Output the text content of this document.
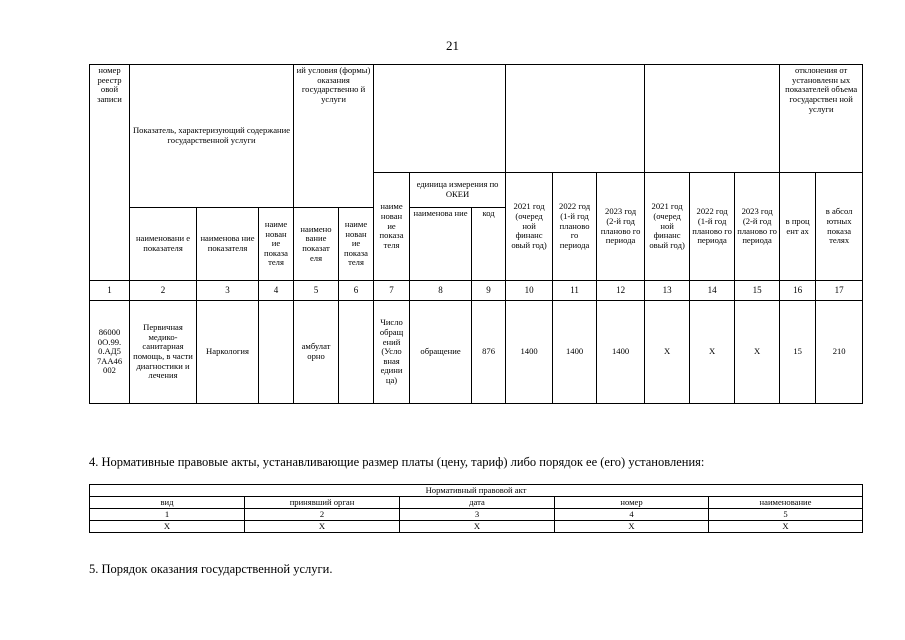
21
номер реестр овой записи	Показатель, характеризующий содержание государственной услуги			ий условия (формы) оказания государственно й услуги											отклонения от установленн ых показателей объема государствен ной услуги	
						наиме нован ие показа теля	единица измерения по ОКЕИ		2021 год (очеред ной финанс овый год)	2022 год (1-й год планово го периода	2023 год (2-й год планово го периода	2021 год (очеред ной финанс овый год)	2022 год (1-й год планово го периода	2023 год (2-й год планово го периода	в проц ент ах	в абсол ютных показа телях
	наименовани е показателя	наименова ние показателя	наиме нован ие показа теля	наимено вание показат еля	наиме нован ие показа теля		наименова ние	код								
1	2	3	4	5	6	7	8	9	10	11	12	13	14	15	16	17
86000 0О.99. 0.АД5 7АА46 002	Первичная медико-санитарная помощь, в части диагностики и лечения	Наркология		амбулат орно		Число обращ ений (Усло вная едини ца)	обращение	876	1400	1400	1400	X	X	X	15	210
4. Нормативные правовые акты, устанавливающие размер платы (цену, тариф) либо порядок ее (его) установления:
Нормативный правовой акт				
вид	принявший орган	дата	номер	наименование
1	2	3	4	5
X	X	X	X	X
5. Порядок оказания государственной услуги.
